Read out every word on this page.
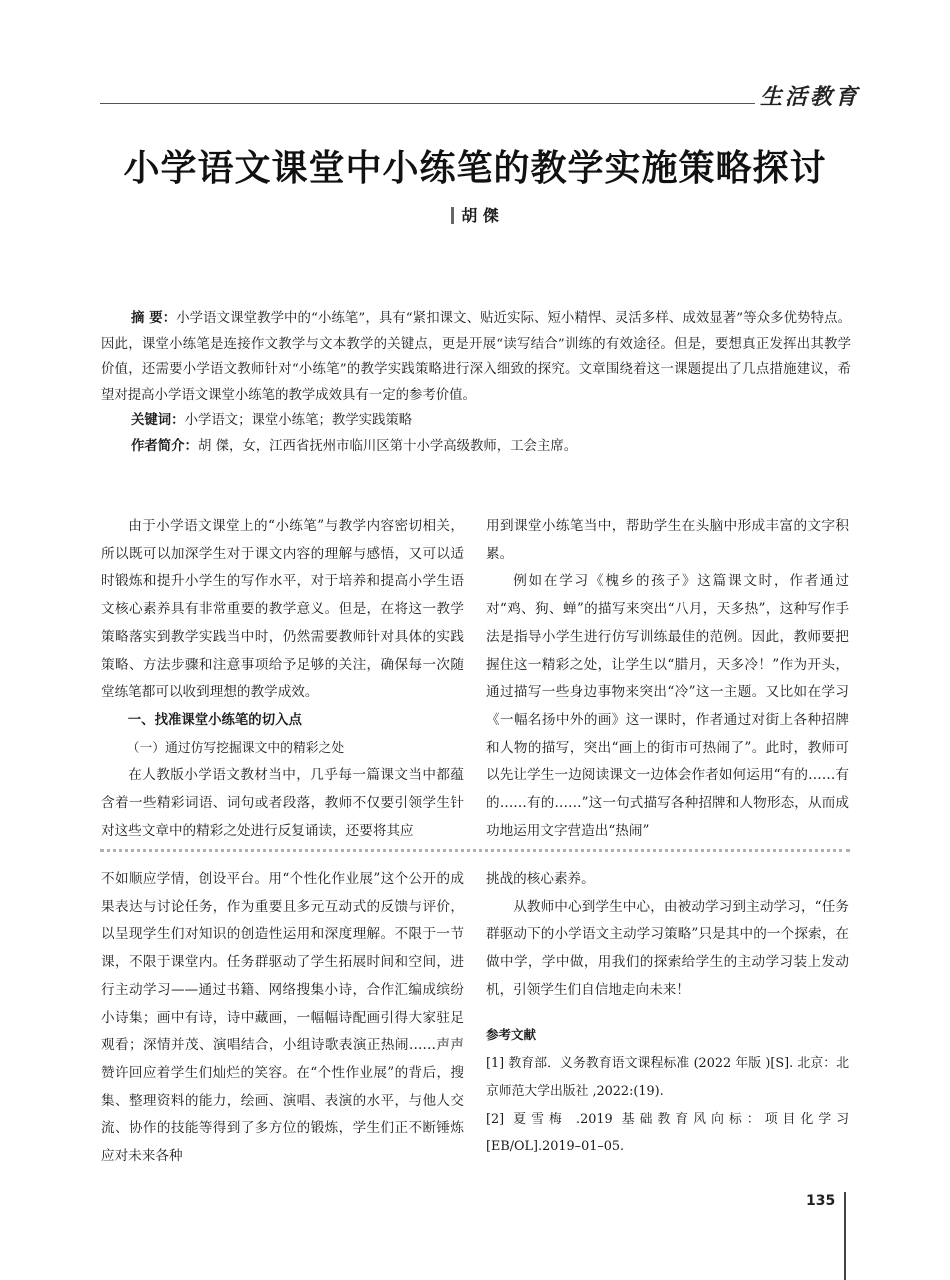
生活教育
小学语文课堂中小练笔的教学实施策略探讨
胡 傑

摘 要：小学语文课堂教学中的“小练笔”，具有“紧扣课文、贴近实际、短小精悍、灵活多样、成效显著”等众多优势特点。因此，课堂小练笔是连接作文教学与文本教学的关键点，更是开展“读写结合”训练的有效途径。但是，要想真正发挥出其教学价值，还需要小学语文教师针对“小练笔”的教学实践策略进行深入细致的探究。文章围绕着这一课题提出了几点措施建议，希望对提高小学语文课堂小练笔的教学成效具有一定的参考价值。

关键词：小学语文；课堂小练笔；教学实践策略

作者简介：胡 傑，女，江西省抚州市临川区第十小学高级教师，工会主席。

由于小学语文课堂上的“小练笔”与教学内容密切相关，所以既可以加深学生对于课文内容的理解与感悟，又可以适时锻炼和提升小学生的写作水平，对于培养和提高小学生语文核心素养具有非常重要的教学意义。但是，在将这一教学策略落实到教学实践当中时，仍然需要教师针对具体的实践策略、方法步骤和注意事项给予足够的关注，确保每一次随堂练笔都可以收到理想的教学成效。

一、找准课堂小练笔的切入点

（一）通过仿写挖掘课文中的精彩之处

在人教版小学语文教材当中，几乎每一篇课文当中都蕴含着一些精彩词语、词句或者段落，教师不仅要引领学生针对这些文章中的精彩之处进行反复诵读，还要将其应

用到课堂小练笔当中，帮助学生在头脑中形成丰富的文字积累。

例如在学习《槐乡的孩子》这篇课文时，作者通过对“鸡、狗、蝉”的描写来突出“八月，天多热”，这种写作手法是指导小学生进行仿写训练最佳的范例。因此，教师要把握住这一精彩之处，让学生以“腊月，天多冷！”作为开头，通过描写一些身边事物来突出“冷”这一主题。又比如在学习《一幅名扬中外的画》这一课时，作者通过对街上各种招牌和人物的描写，突出“画上的街市可热闹了”。此时，教师可以先让学生一边阅读课文一边体会作者如何运用“有的……有的……有的……”这一句式描写各种招牌和人物形态，从而成功地运用文字营造出“热闹”

不如顺应学情，创设平台。用“个性化作业展”这个公开的成果表达与讨论任务，作为重要且多元互动式的反馈与评价，以呈现学生们对知识的创造性运用和深度理解。不限于一节课，不限于课堂内。任务群驱动了学生拓展时间和空间，进行主动学习——通过书籍、网络搜集小诗，合作汇编成缤纷小诗集；画中有诗，诗中藏画，一幅幅诗配画引得大家驻足观看；深情并茂、演唱结合，小组诗歌表演正热闹……声声赞许回应着学生们灿烂的笑容。在“个性作业展”的背后，搜集、整理资料的能力，绘画、演唱、表演的水平，与他人交流、协作的技能等得到了多方位的锻炼，学生们正不断锤炼应对未来各种

挑战的核心素养。

从教师中心到学生中心，由被动学习到主动学习，“任务群驱动下的小学语文主动学习策略”只是其中的一个探索，在做中学，学中做，用我们的探索给学生的主动学习装上发动机，引领学生们自信地走向未来！

参考文献

[1] 教育部．义务教育语文课程标准 (2022 年版 )[S]. 北京：北京师范大学出版社 ,2022:(19).

[2] 夏雪梅 .2019 基础教育风向标：项目化学习 [EB/OL].2019–01–05.

135
